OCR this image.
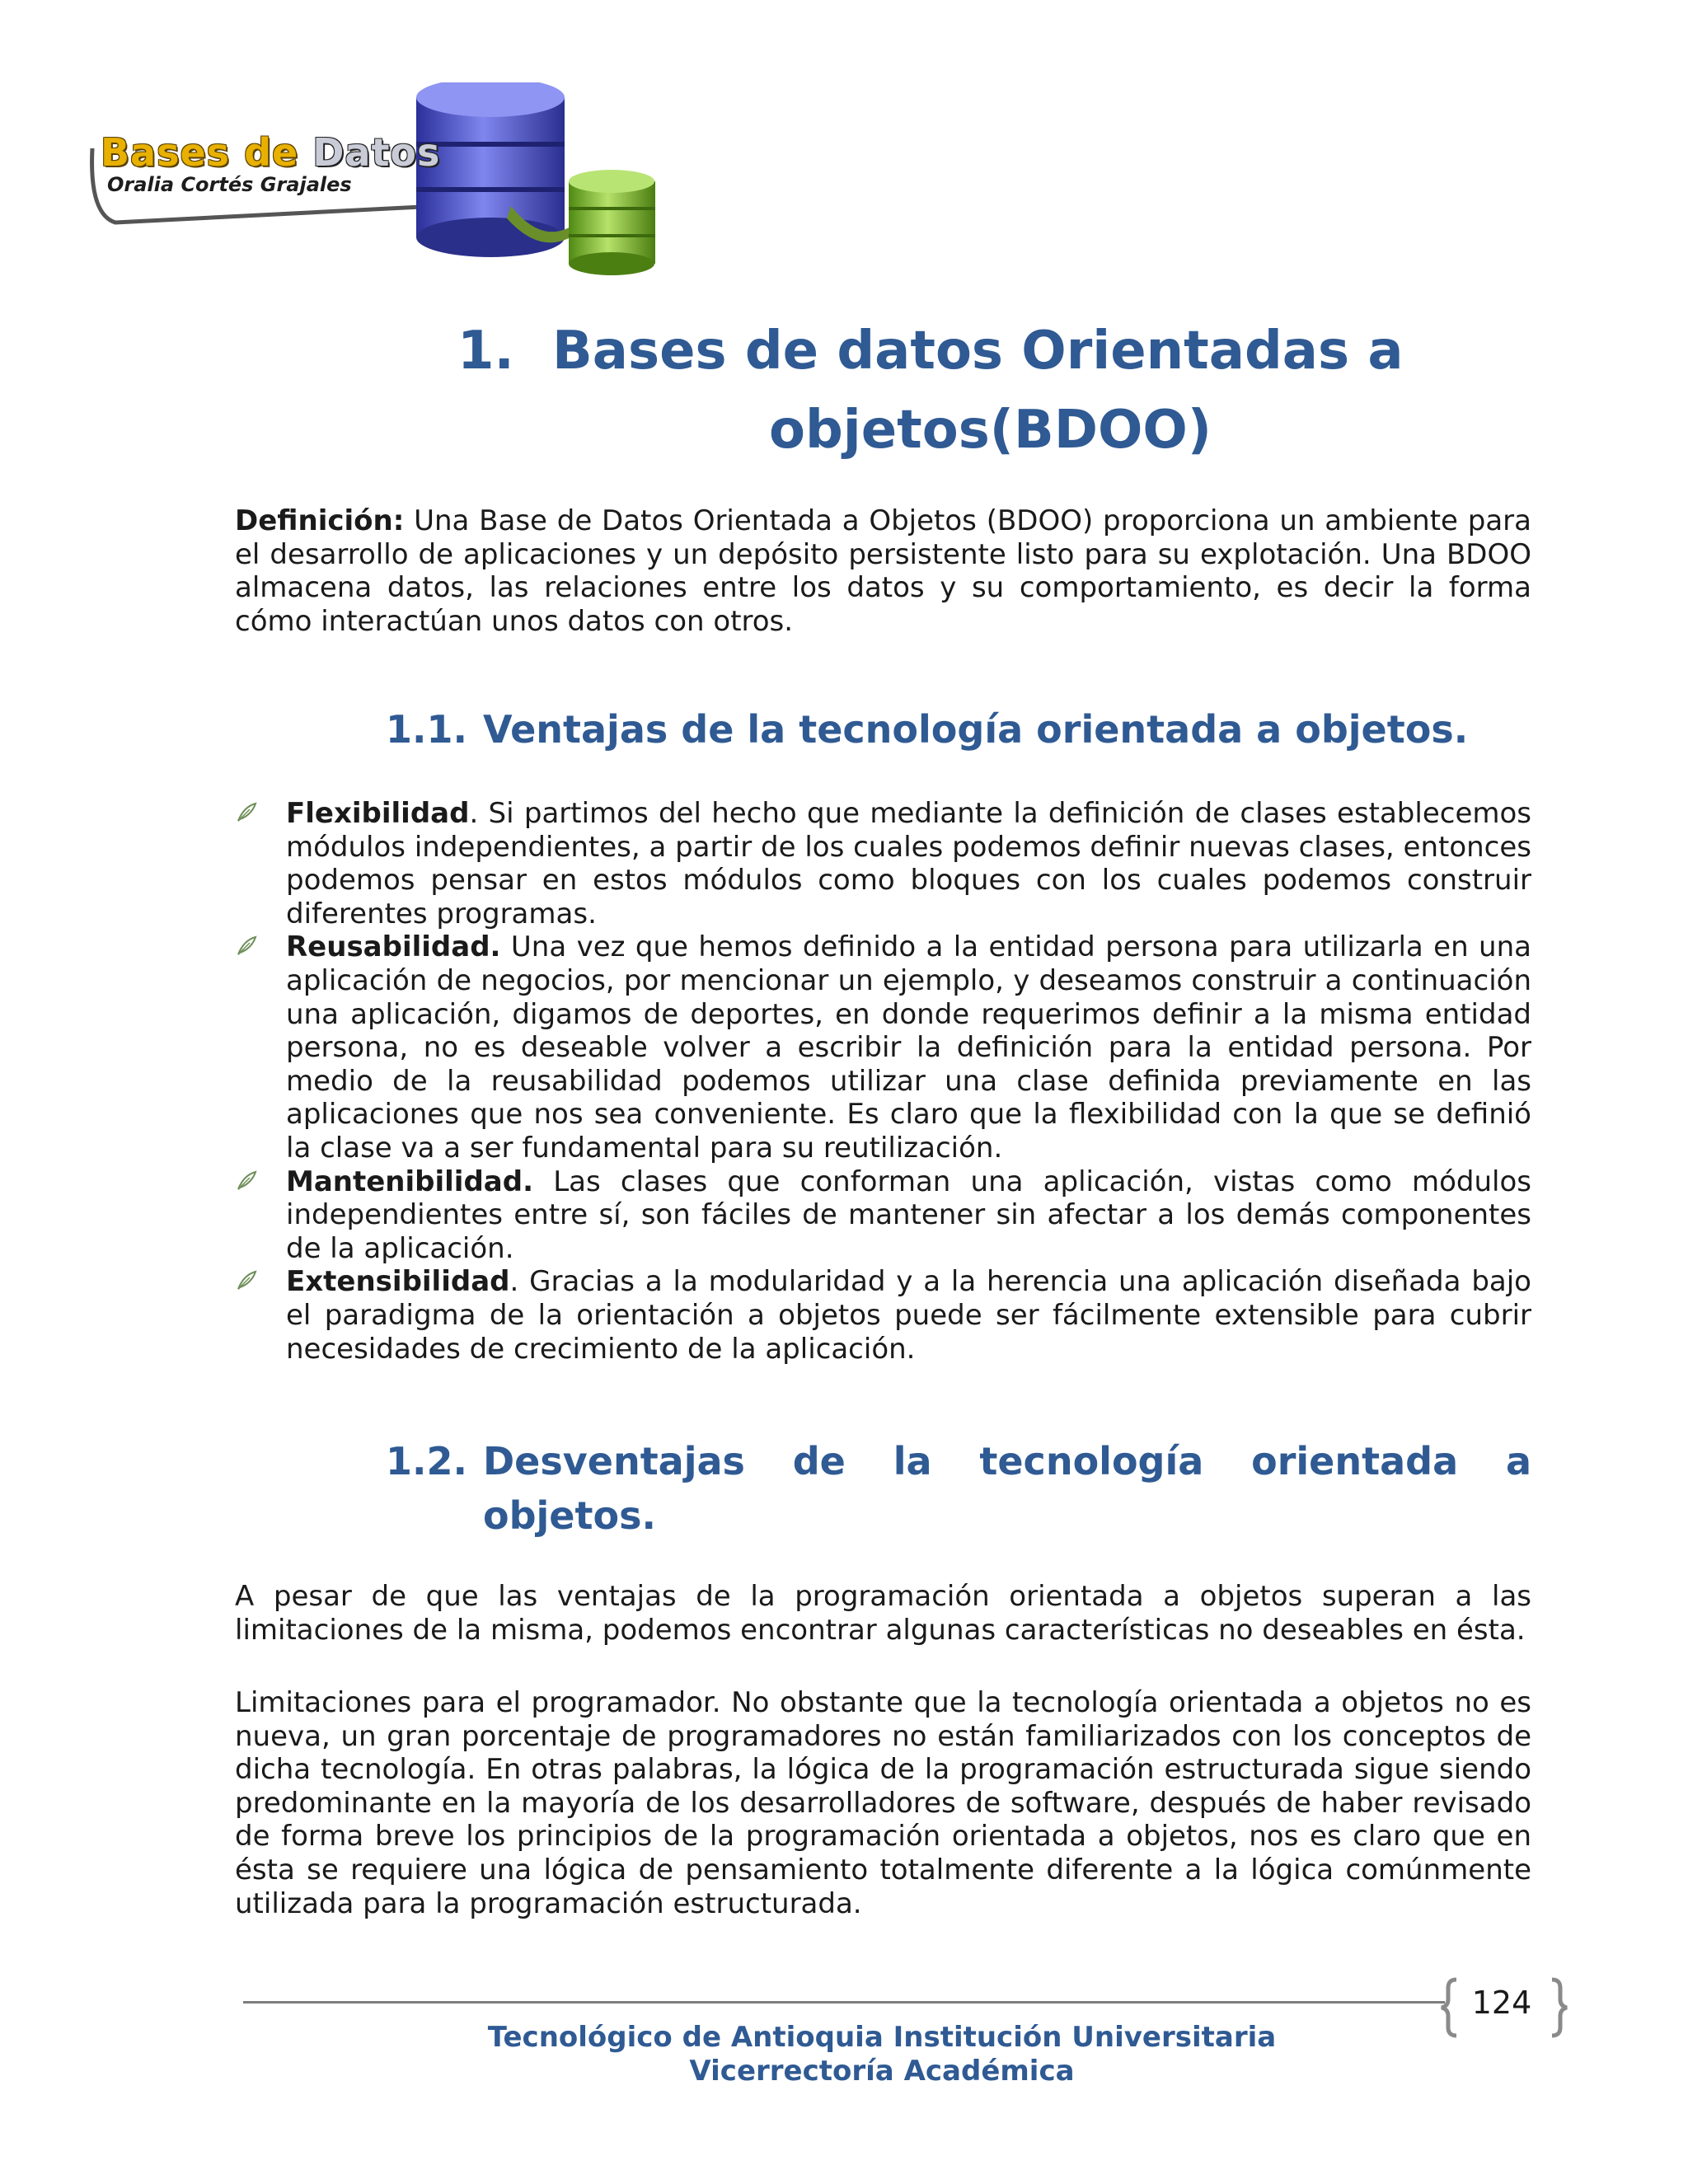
Bases de Datos
Oralia Cortés Grajales
1. Bases de datos Orientadas a
objetos(BDOO)
Definición: Una Base de Datos Orientada a Objetos (BDOO) proporciona un ambiente para el desarrollo de aplicaciones y un depósito persistente listo para su explotación. Una BDOO almacena datos, las relaciones entre los datos y su comportamiento, es decir la forma cómo interactúan unos datos con otros.
1.1. Ventajas de la tecnología orientada a objetos.
Flexibilidad. Si partimos del hecho que mediante la definición de clases establecemos módulos independientes, a partir de los cuales podemos definir nuevas clases, entonces podemos pensar en estos módulos como bloques con los cuales podemos construir diferentes programas.
Reusabilidad. Una vez que hemos definido a la entidad persona para utilizarla en una aplicación de negocios, por mencionar un ejemplo, y deseamos construir a continuación una aplicación, digamos de deportes, en donde requerimos definir a la misma entidad persona, no es deseable volver a escribir la definición para la entidad persona. Por medio de la reusabilidad podemos utilizar una clase definida previamente en las aplicaciones que nos sea conveniente. Es claro que la flexibilidad con la que se definió la clase va a ser fundamental para su reutilización.
Mantenibilidad. Las clases que conforman una aplicación, vistas como módulos independientes entre sí, son fáciles de mantener sin afectar a los demás componentes de la aplicación.
Extensibilidad. Gracias a la modularidad y a la herencia una aplicación diseñada bajo el paradigma de la orientación a objetos puede ser fácilmente extensible para cubrir necesidades de crecimiento de la aplicación.
1.2. Desventajas de la tecnología orientada a
objetos.
A pesar de que las ventajas de la programación orientada a objetos superan a las limitaciones de la misma, podemos encontrar algunas características no deseables en ésta.
Limitaciones para el programador. No obstante que la tecnología orientada a objetos no es nueva, un gran porcentaje de programadores no están familiarizados con los conceptos de dicha tecnología. En otras palabras, la lógica de la programación estructurada sigue siendo predominante en la mayoría de los desarrolladores de software, después de haber revisado de forma breve los principios de la programación orientada a objetos, nos es claro que en ésta se requiere una lógica de pensamiento totalmente diferente a la lógica comúnmente utilizada para la programación estructurada.
124
Tecnológico de Antioquia Institución Universitaria
Vicerrectoría Académica
